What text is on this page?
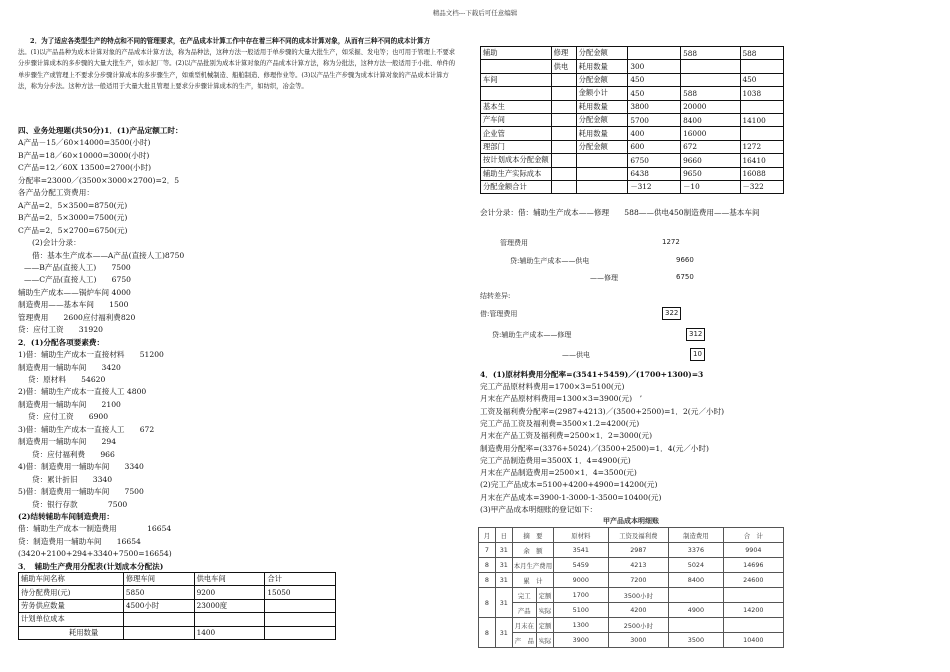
精品文档---下载后可任意编辑
2．为了适应各类型生产的特点和不同的管理要求，在产品成本计算工作中存在着三种不同的成本计算对象，从而有三种不同的成本计算方
法。(1)以产品品种为成本计算对象的产品成本计算方法，称为品种法，这种方法一般适用于单步骤的大量大批生产，如采掘、发电等；也可用于管理上不要求分步骤计算成本的多步骤的大量大批生产，如水泥厂等。(2)以产品批别为成本计算对象的产品成本计算方法，称为分批法，这种方法一般适用于小批、单件的单步骤生产或管理上不要求分步骤计算成本的多步骤生产，如重型机械制造、船舶制造、修理作业等。(3)以产品生产步骤为成本计算对象的产品成本计算方法，称为分步法。这种方法一般适用于大量大批且管理上要求分步骤计算成本的生产，如纺织，冶金等。
四、业务处理题(共50分)1．(1)产品定额工时：
A产品－15／60×14000=3500(小时)
B产品=18／60×10000=3000(小时)
C产品=12／60X 13500=2700(小时)
分配率=23000／(3500×3000×2700)=2．5
各产品分配工资费用：
A产品=2．5×3500=8750(元)
B产品=2．5×3000=7500(元)
C产品=2．5×2700=6750(元)
(2)会计分录：
借：基本生产成本——A产品(直接人工)8750
——B产品(直接人工)　　7500
——C产品(直接人工)　　6750
辅助生产成本——锅炉车间 4000
制造费用——基本车间　　1500
管理费用　　2600应付福利费820
贷：应付工资　　31920
2．(1)分配各项要素费：
1)借：辅助生产成本一直接材料　　51200
制造费用一辅助车间　　3420
贷：原材料　　54620
2)借：辅助生产成本一直接人工 4800
制造费用一辅助车间　　2100
贷：应付工资　　6900
3)借：辅助生产成本一直接人工　　672
制造费用一辅助车间　　294
贷：应付福利费　　966
4)借：制造费用一辅助车间　　3340
贷：累计折旧　　3340
5)借：制造费用一辅助车间　　7500
贷：银行存款　　　　7500
(2)结转辅助车间制造费用：
借：辅助生产成本一制造费用　　　　16654
贷：制造费用一辅助车间　　16654
(3420+2100+294+3340+7500=16654)
3．　辅助生产费用分配表(计划成本分配法)
辅助车间名称	修理车间	供电车间	合计
待分配费用(元)	5850	9200	15050
劳务供应数量	4500小时	23000度	
计划单位成本			
耗用数量		1400	
辅助	修理	分配金额		588	588
	供电	耗用数量	300		
车间		分配金额	450		450
		金额小计	450	588	1038
基本生		耗用数量	3800	20000	
产车间		分配金额	5700	8400	14100
企业管		耗用数量	400	16000	
理部门		分配金额	600	672	1272
按计划成本分配金额			6750	9660	16410
辅助生产实际成本			6438	9650	16088
分配金额合计			－312	－10	－322
会计分录：借：辅助生产成本——修理　　588——供电450制造费用——基本车间
管理费用	1272
贷:辅助生产成本——供电	9660
——修理	6750
结转差异:
借:管理费用	322
贷:辅助生产成本——修理	312
——供电	10
4．(1)原材料费用分配率=(3541+5459)／(1700+1300)=3
完工产品原材料费用=1700×3=5100(元)
月末在产品原材料费用=1300×3=3900(元)　’
工资及福利费分配率=(2987+4213)／(3500+2500)=1．2(元／小时)
完工产品工资及福利费=3500×1.2=4200(元)
月末在产品工资及福利费=2500×1．2=3000(元)
制造费用分配率=(3376+5024)／(3500+2500)=1．4(元／小时)
完工产品制造费用=3500X 1．4=4900(元)
月末在产品制造费用=2500×1．4=3500(元)
(2)完工产品成本=5100+4200+4900=14200(元)
月末在产品成本=3900-1-3000-1-3500=10400(元)
(3)甲产品成本明细账的登记如下：
甲产品成本明细账
月	日	摘　要		原材料	工资及福利费	制造费用	合　计
7	31	余　额		3541	2987	3376	9904
8	31	本月生产费用		5459	4213	5024	14696
8	31	累　计		9000	7200	8400	24600
8	31	完工	定额	1700	3500小时		
		产品	实际	5100	4200	4900	14200
8	31	月末在	定额	1300	2500小时		
		产　品	实际	3900	3000	3500	10400
